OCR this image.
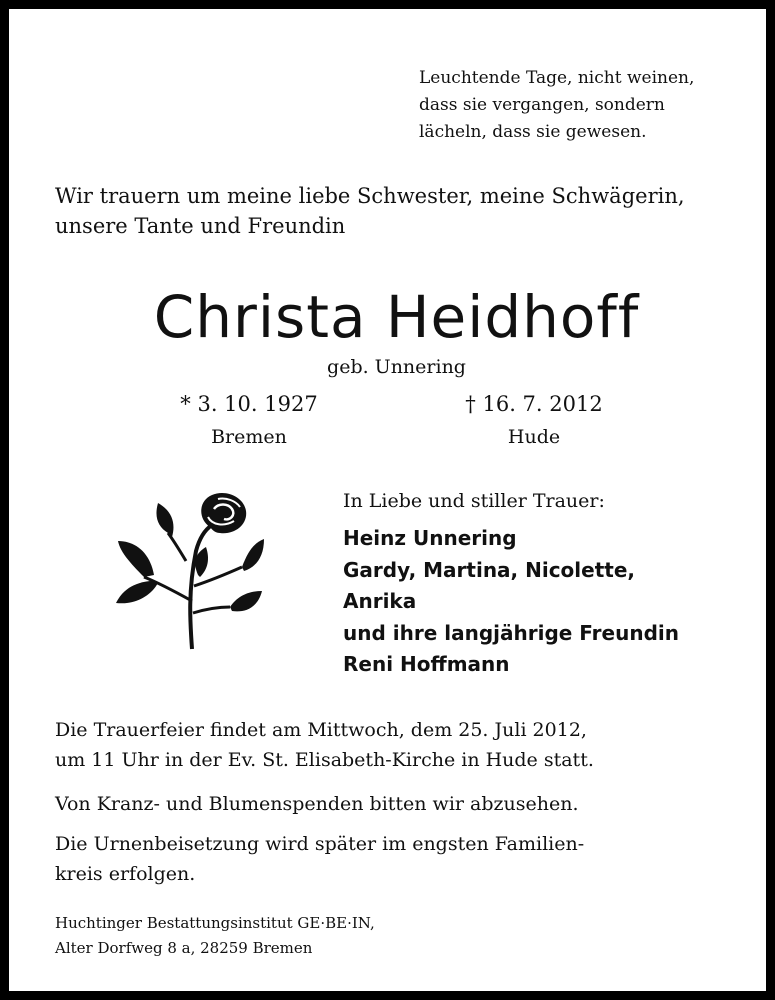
Leuchtende Tage, nicht weinen,
dass sie vergangen, sondern
lächeln, dass sie gewesen.
Wir trauern um meine liebe Schwester, meine Schwägerin,
unsere Tante und Freundin
Christa Heidhoff
geb. Unnering
* 3. 10. 1927	† 16. 7. 2012
Bremen	Hude
In Liebe und stiller Trauer:
Heinz Unnering
Gardy, Martina, Nicolette,
Anrika
und ihre langjährige Freundin
Reni Hoffmann
Die Trauerfeier findet am Mittwoch, dem 25. Juli 2012,
um 11 Uhr in der Ev. St. Elisabeth-Kirche in Hude statt.
Von Kranz- und Blumenspenden bitten wir abzusehen.
Die Urnenbeisetzung wird später im engsten Familien-
kreis erfolgen.
Huchtinger Bestattungsinstitut GE·BE·IN,
Alter Dorfweg 8 a, 28259 Bremen
